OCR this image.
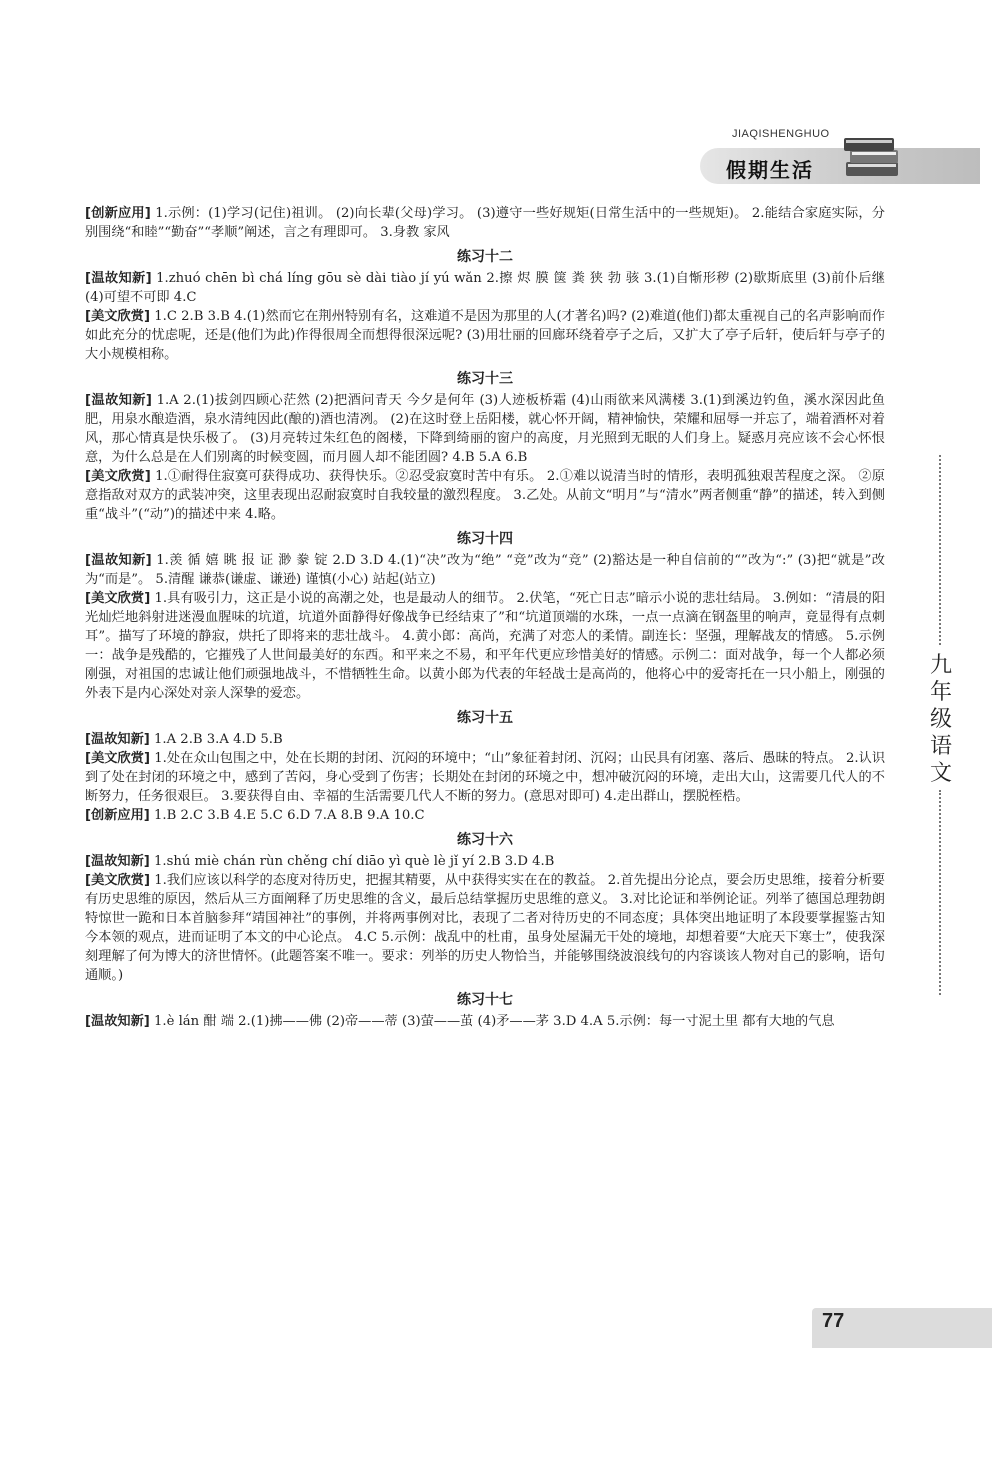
JIAQISHENGHUO
假期生活

[创新应用] 1.示例：(1)学习(记住)祖训。 (2)向长辈(父母)学习。 (3)遵守一些好规矩(日常生活中的一些规矩)。 2.能结合家庭实际，分别围绕“和睦”“勤奋”“孝顺”阐述，言之有理即可。 3.身教 家风

练习十二

[温故知新] 1.zhuó chēn bì chá líng gōu sè dài tiào jí yú wǎn 2.擦 烬 膜 箧 粪 狭 勃 骇 3.(1)自惭形秽 (2)歇斯底里 (3)前仆后继 (4)可望不可即 4.C

[美文欣赏] 1.C 2.B 3.B 4.(1)然而它在荆州特别有名，这难道不是因为那里的人(才著名)吗? (2)难道(他们)都太重视自己的名声影响而作如此充分的忧虑呢，还是(他们为此)作得很周全而想得很深远呢? (3)用壮丽的回廊环绕着亭子之后，又扩大了亭子后轩，使后轩与亭子的大小规模相称。

练习十三

[温故知新] 1.A 2.(1)拔剑四顾心茫然 (2)把酒问青天 今夕是何年 (3)人迹板桥霜 (4)山雨欲来风满楼 3.(1)到溪边钓鱼，溪水深因此鱼肥，用泉水酿造酒，泉水清纯因此(酿的)酒也清冽。 (2)在这时登上岳阳楼，就心怀开阔，精神愉快，荣耀和屈辱一并忘了，端着酒杯对着风，那心情真是快乐极了。 (3)月亮转过朱红色的阁楼，下降到绮丽的窗户的高度，月光照到无眠的人们身上。疑惑月亮应该不会心怀恨意，为什么总是在人们别离的时候变圆，而月圆人却不能团圆? 4.B 5.A 6.B

[美文欣赏] 1.①耐得住寂寞可获得成功、获得快乐。②忍受寂寞时苦中有乐。 2.①难以说清当时的情形，表明孤独艰苦程度之深。 ②原意指敌对双方的武装冲突，这里表现出忍耐寂寞时自我较量的激烈程度。 3.乙处。从前文“明月”与“清水”两者侧重“静”的描述，转入到侧重“战斗”(“动”)的描述中来 4.略。

练习十四

[温故知新] 1.羡 循 嬉 眺 报 证 渺 豢 锭 2.D 3.D 4.(1)“决”改为“绝” “竞”改为“竞” (2)豁达是一种自信前的“”改为“:” (3)把“就是”改为“而是”。 5.清醒 谦恭(谦虚、谦逊) 谨慎(小心) 站起(站立)

[美文欣赏] 1.具有吸引力，这正是小说的高潮之处，也是最动人的细节。 2.伏笔，“死亡日志”暗示小说的悲壮结局。 3.例如：“清晨的阳光灿烂地斜射进迷漫血腥味的坑道，坑道外面静得好像战争已经结束了”和“坑道顶端的水珠，一点一点滴在钢盔里的响声，竟显得有点刺耳”。描写了环境的静寂，烘托了即将来的悲壮战斗。 4.黄小郎：高尚，充满了对恋人的柔情。副连长：坚强，理解战友的情感。 5.示例一：战争是残酷的，它摧残了人世间最美好的东西。和平来之不易，和平年代更应珍惜美好的情感。示例二：面对战争，每一个人都必须刚强，对祖国的忠诚让他们顽强地战斗，不惜牺牲生命。以黄小郎为代表的年轻战士是高尚的，他将心中的爱寄托在一只小船上，刚强的外表下是内心深处对亲人深挚的爱恋。

练习十五

[温故知新] 1.A 2.B 3.A 4.D 5.B

[美文欣赏] 1.处在众山包围之中，处在长期的封闭、沉闷的环境中；“山”象征着封闭、沉闷；山民具有闭塞、落后、愚昧的特点。 2.认识到了处在封闭的环境之中，感到了苦闷，身心受到了伤害；长期处在封闭的环境之中，想冲破沉闷的环境，走出大山，这需要几代人的不断努力，任务很艰巨。 3.要获得自由、幸福的生活需要几代人不断的努力。(意思对即可) 4.走出群山，摆脱桎梏。

[创新应用] 1.B 2.C 3.B 4.E 5.C 6.D 7.A 8.B 9.A 10.C

练习十六

[温故知新] 1.shú miè chán rùn chěng chí diāo yì què lè jǐ yí 2.B 3.D 4.B

[美文欣赏] 1.我们应该以科学的态度对待历史，把握其精要，从中获得实实在在的教益。 2.首先提出分论点，要会历史思维，接着分析要有历史思维的原因，然后从三方面阐释了历史思维的含义，最后总结掌握历史思维的意义。 3.对比论证和举例论证。列举了德国总理勃朗特惊世一跪和日本首脑参拜“靖国神社”的事例，并将两事例对比，表现了二者对待历史的不同态度；具体突出地证明了本段要掌握鉴古知今本领的观点，进而证明了本文的中心论点。 4.C 5.示例：战乱中的杜甫，虽身处屋漏无干处的境地，却想着要“大庇天下寒士”，使我深刻理解了何为博大的济世情怀。(此题答案不唯一。要求：列举的历史人物恰当，并能够围绕波浪线句的内容谈该人物对自己的影响，语句通顺。)

练习十七

[温故知新] 1.è lán 酣 端 2.(1)拂——佛 (2)帝——蒂 (3)萤——茧 (4)矛——茅 3.D 4.A 5.示例：每一寸泥土里 都有大地的气息

九年级语文
77
